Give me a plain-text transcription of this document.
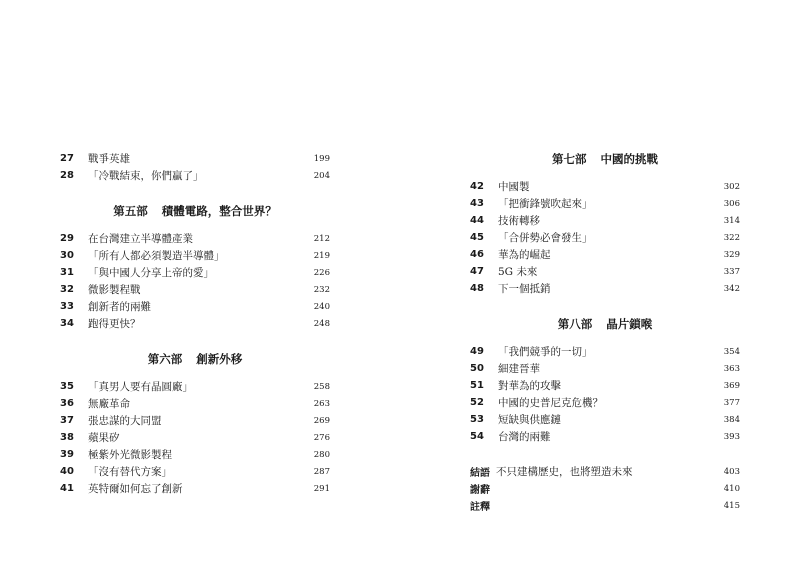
27	戰爭英雄	199
28	「冷戰結束，你們贏了」	204
第五部 積體電路，整合世界？
29	在台灣建立半導體產業	212
30	「所有人都必須製造半導體」	219
31	「與中國人分享上帝的愛」	226
32	微影製程戰	232
33	創新者的兩難	240
34	跑得更快？	248
第六部 創新外移
35	「真男人要有晶圓廠」	258
36	無廠革命	263
37	張忠謀的大同盟	269
38	蘋果矽	276
39	極紫外光微影製程	280
40	「沒有替代方案」	287
41	英特爾如何忘了創新	291
第七部 中國的挑戰
42	中國製	302
43	「把衝鋒號吹起來」	306
44	技術轉移	314
45	「合併勢必會發生」	322
46	華為的崛起	329
47	5G 未來	337
48	下一個抵銷	342
第八部 晶片鎖喉
49	「我們競爭的一切」	354
50	細建晉華	363
51	對華為的攻擊	369
52	中國的史普尼克危機？	377
53	短缺與供應鏈	384
54	台灣的兩難	393
結語 不只建構歷史，也將塑造未來	403
謝辭	410
註釋	415
